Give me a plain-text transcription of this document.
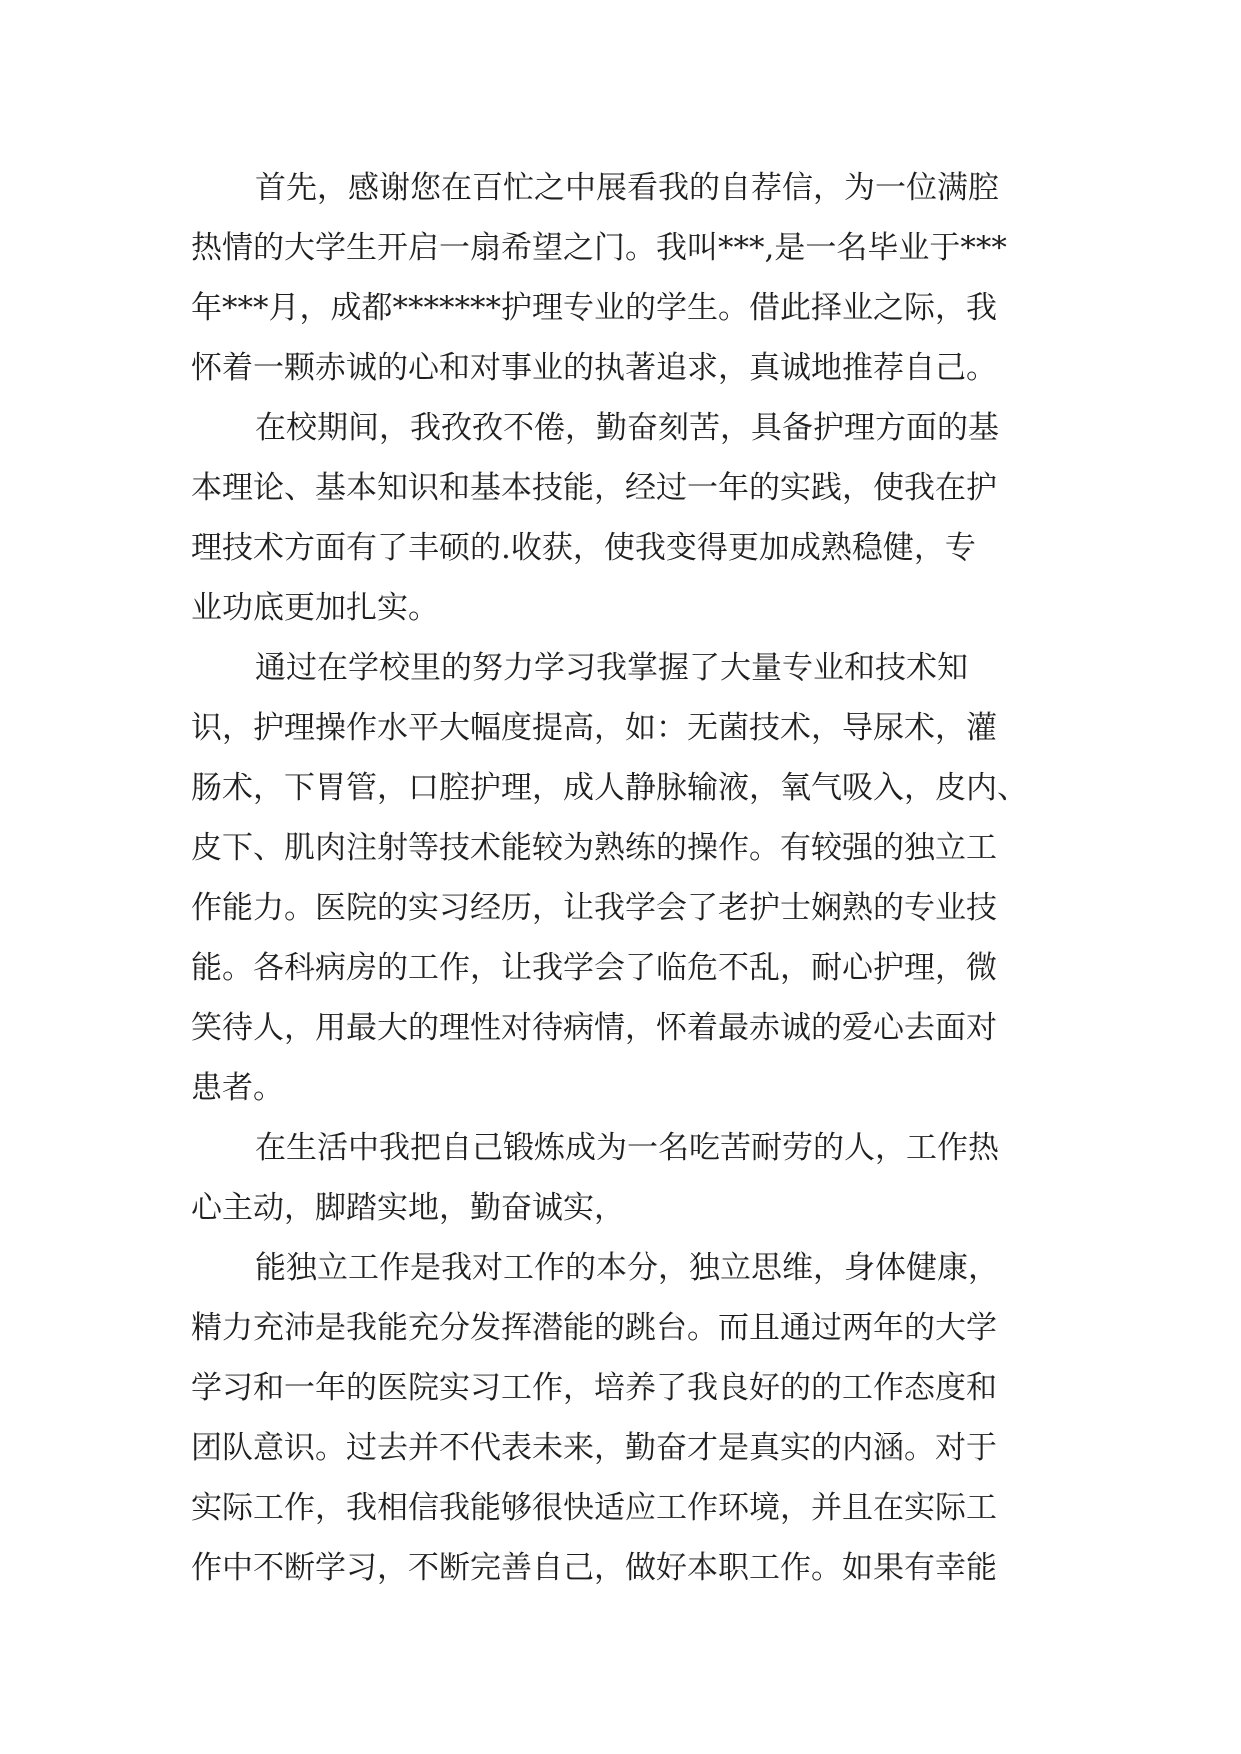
首先，感谢您在百忙之中展看我的自荐信，为一位满腔
热情的大学生开启一扇希望之门。我叫***,是一名毕业于***
年***月，成都*******护理专业的学生。借此择业之际，我
怀着一颗赤诚的心和对事业的执著追求，真诚地推荐自己。
在校期间，我孜孜不倦，勤奋刻苦，具备护理方面的基
本理论、基本知识和基本技能，经过一年的实践，使我在护
理技术方面有了丰硕的.收获，使我变得更加成熟稳健，专
业功底更加扎实。
通过在学校里的努力学习我掌握了大量专业和技术知
识，护理操作水平大幅度提高，如：无菌技术，导尿术，灌
肠术，下胃管，口腔护理，成人静脉输液，氧气吸入，皮内、
皮下、肌肉注射等技术能较为熟练的操作。有较强的独立工
作能力。医院的实习经历，让我学会了老护士娴熟的专业技
能。各科病房的工作，让我学会了临危不乱，耐心护理，微
笑待人，用最大的理性对待病情，怀着最赤诚的爱心去面对
患者。
在生活中我把自己锻炼成为一名吃苦耐劳的人，工作热
心主动，脚踏实地，勤奋诚实，
能独立工作是我对工作的本分，独立思维，身体健康，
精力充沛是我能充分发挥潜能的跳台。而且通过两年的大学
学习和一年的医院实习工作，培养了我良好的的工作态度和
团队意识。过去并不代表未来，勤奋才是真实的内涵。对于
实际工作，我相信我能够很快适应工作环境，并且在实际工
作中不断学习，不断完善自己，做好本职工作。如果有幸能
